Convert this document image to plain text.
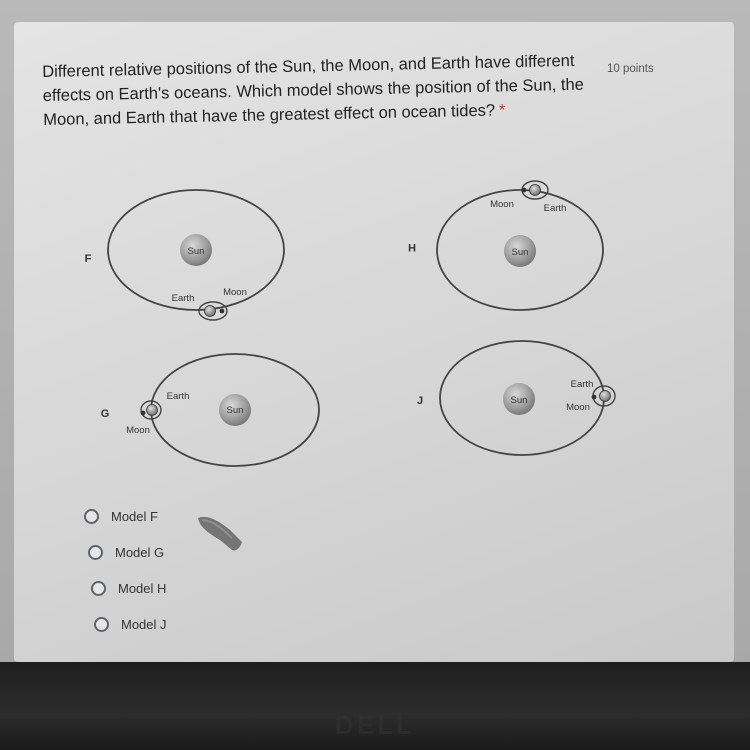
Different relative positions of the Sun, the Moon, and Earth have different effects on Earth's oceans. Which model shows the position of the Sun, the Moon, and Earth that have the greatest effect on ocean tides? *
10 points
Sun
Earth
Moon
F
Sun
Moon	Earth
H
Sun
Earth
Moon
G
Sun
Earth
Moon
J
Model F
Model G
Model H
Model J
DELL
